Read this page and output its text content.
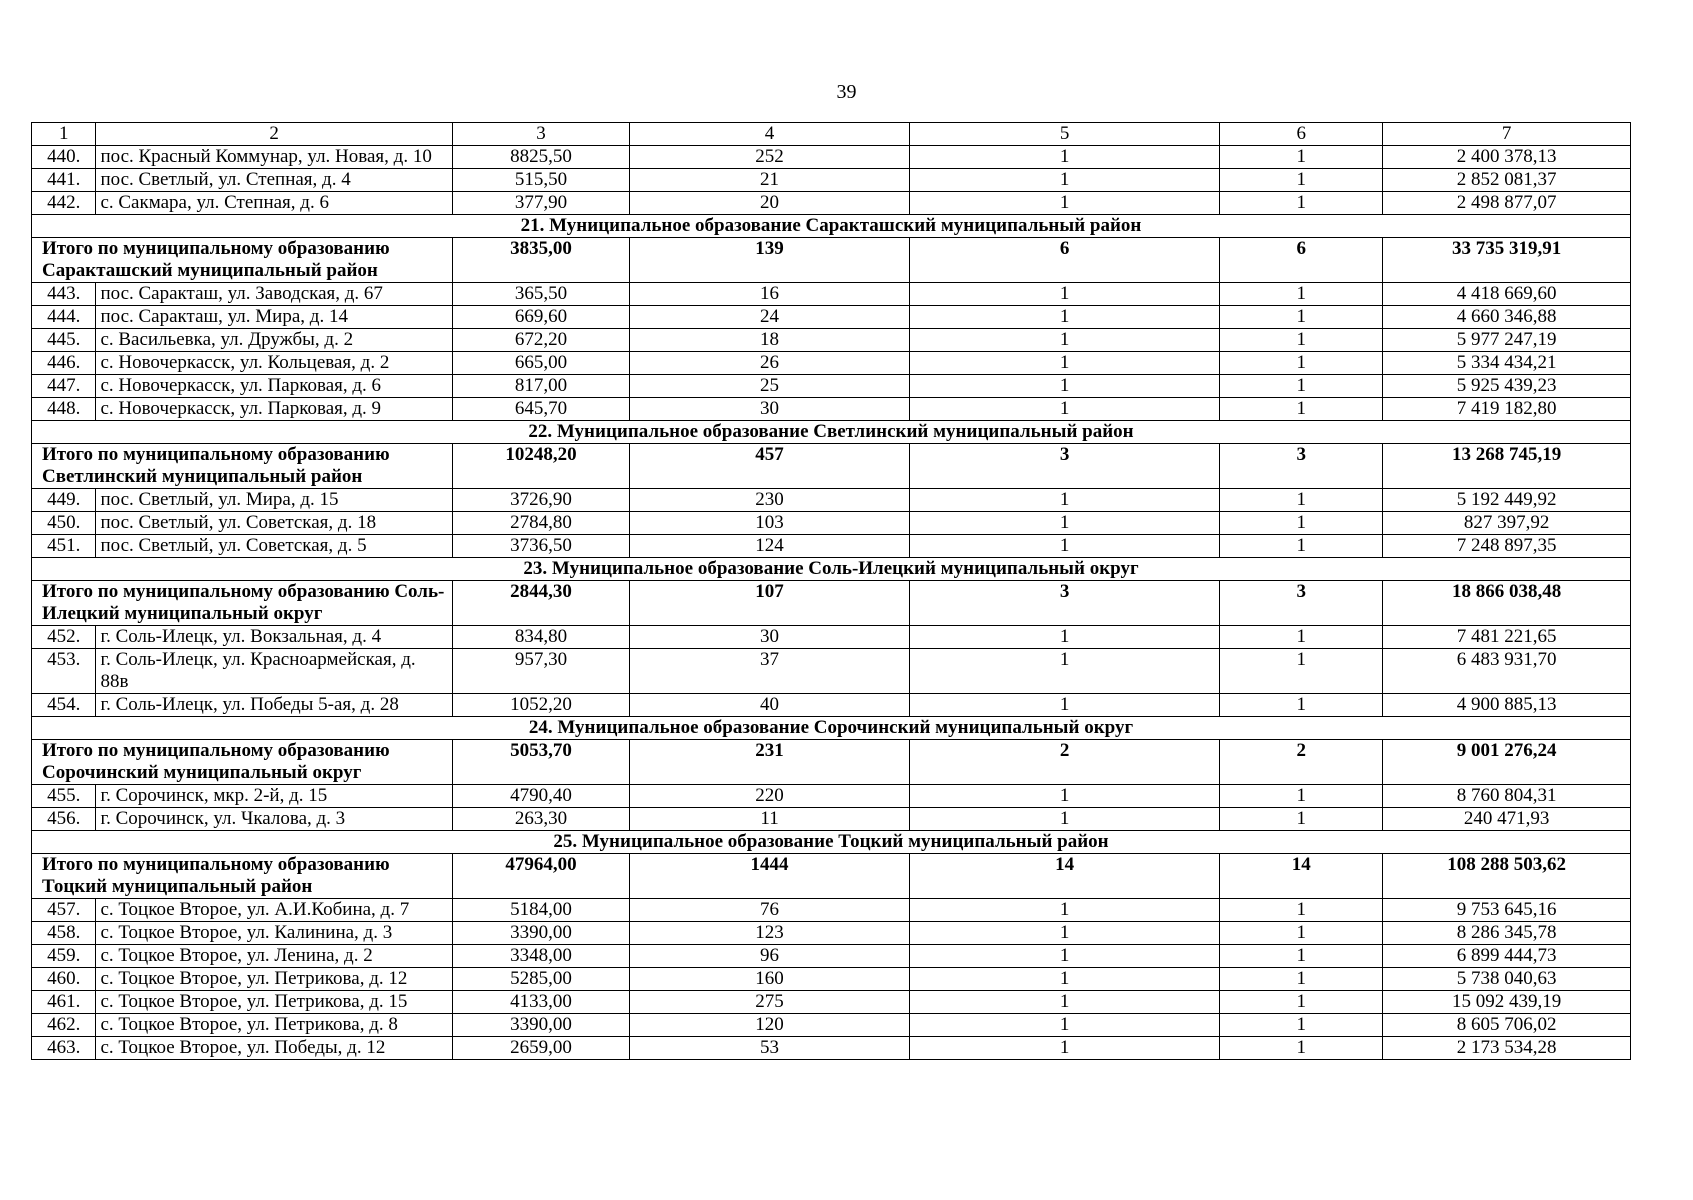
39
1	2	3	4	5	6	7
440.	пос. Красный Коммунар, ул. Новая, д. 10	8825,50	252	1	1	2 400 378,13
441.	пос. Светлый, ул. Степная, д. 4	515,50	21	1	1	2 852 081,37
442.	с. Сакмара, ул. Степная, д. 6	377,90	20	1	1	2 498 877,07
21. Муниципальное образование Саракташский муниципальный район						
Итого по муниципальному образованию Саракташский муниципальный район		3835,00	139	6	6	33 735 319,91
443.	пос. Саракташ, ул. Заводская, д. 67	365,50	16	1	1	4 418 669,60
444.	пос. Саракташ, ул. Мира, д. 14	669,60	24	1	1	4 660 346,88
445.	с. Васильевка, ул. Дружбы, д. 2	672,20	18	1	1	5 977 247,19
446.	с. Новочеркасск, ул. Кольцевая, д. 2	665,00	26	1	1	5 334 434,21
447.	с. Новочеркасск, ул. Парковая, д. 6	817,00	25	1	1	5 925 439,23
448.	с. Новочеркасск, ул. Парковая, д. 9	645,70	30	1	1	7 419 182,80
22. Муниципальное образование Светлинский муниципальный район						
Итого по муниципальному образованию Светлинский муниципальный район		10248,20	457	3	3	13 268 745,19
449.	пос. Светлый, ул. Мира, д. 15	3726,90	230	1	1	5 192 449,92
450.	пос. Светлый, ул. Советская, д. 18	2784,80	103	1	1	827 397,92
451.	пос. Светлый, ул. Советская, д. 5	3736,50	124	1	1	7 248 897,35
23. Муниципальное образование Соль-Илецкий муниципальный округ						
Итого по муниципальному образованию Соль-Илецкий муниципальный округ		2844,30	107	3	3	18 866 038,48
452.	г. Соль-Илецк, ул. Вокзальная, д. 4	834,80	30	1	1	7 481 221,65
453.	г. Соль-Илецк, ул. Красноармейская, д. 88в	957,30	37	1	1	6 483 931,70
454.	г. Соль-Илецк, ул. Победы 5-ая, д. 28	1052,20	40	1	1	4 900 885,13
24. Муниципальное образование Сорочинский муниципальный округ						
Итого по муниципальному образованию Сорочинский муниципальный округ		5053,70	231	2	2	9 001 276,24
455.	г. Сорочинск, мкр. 2-й, д. 15	4790,40	220	1	1	8 760 804,31
456.	г. Сорочинск, ул. Чкалова, д. 3	263,30	11	1	1	240 471,93
25. Муниципальное образование Тоцкий муниципальный район						
Итого по муниципальному образованию Тоцкий муниципальный район		47964,00	1444	14	14	108 288 503,62
457.	с. Тоцкое Второе, ул. А.И.Кобина, д. 7	5184,00	76	1	1	9 753 645,16
458.	с. Тоцкое Второе, ул. Калинина, д. 3	3390,00	123	1	1	8 286 345,78
459.	с. Тоцкое Второе, ул. Ленина, д. 2	3348,00	96	1	1	6 899 444,73
460.	с. Тоцкое Второе, ул. Петрикова, д. 12	5285,00	160	1	1	5 738 040,63
461.	с. Тоцкое Второе, ул. Петрикова, д. 15	4133,00	275	1	1	15 092 439,19
462.	с. Тоцкое Второе, ул. Петрикова, д. 8	3390,00	120	1	1	8 605 706,02
463.	с. Тоцкое Второе, ул. Победы, д. 12	2659,00	53	1	1	2 173 534,28
